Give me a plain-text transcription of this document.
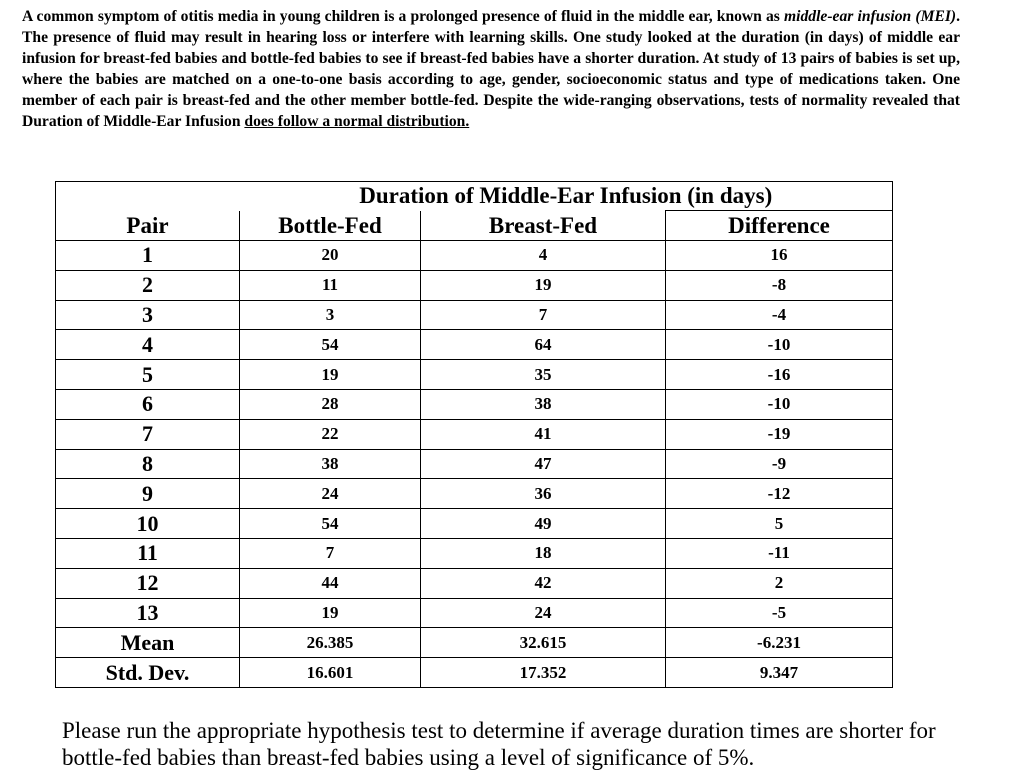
A common symptom of otitis media in young children is a prolonged presence of fluid in the middle ear, known as middle-ear infusion (MEI). The presence of fluid may result in hearing loss or interfere with learning skills. One study looked at the duration (in days) of middle ear infusion for breast-fed babies and bottle-fed babies to see if breast-fed babies have a shorter duration. At study of 13 pairs of babies is set up, where the babies are matched on a one-to-one basis according to age, gender, socioeconomic status and type of medications taken. One member of each pair is breast-fed and the other member bottle-fed. Despite the wide-ranging observations, tests of normality revealed that Duration of Middle-Ear Infusion does follow a normal distribution.

	Duration of Middle-Ear Infusion (in days)		
Pair	Bottle-Fed	Breast-Fed	Difference
1	20	4	16
2	11	19	-8
3	3	7	-4
4	54	64	-10
5	19	35	-16
6	28	38	-10
7	22	41	-19
8	38	47	-9
9	24	36	-12
10	54	49	5
11	7	18	-11
12	44	42	2
13	19	24	-5
Mean	26.385	32.615	-6.231
Std. Dev.	16.601	17.352	9.347

Please run the appropriate hypothesis test to determine if average duration times are shorter for bottle-fed babies than breast-fed babies using a level of significance of 5%.
